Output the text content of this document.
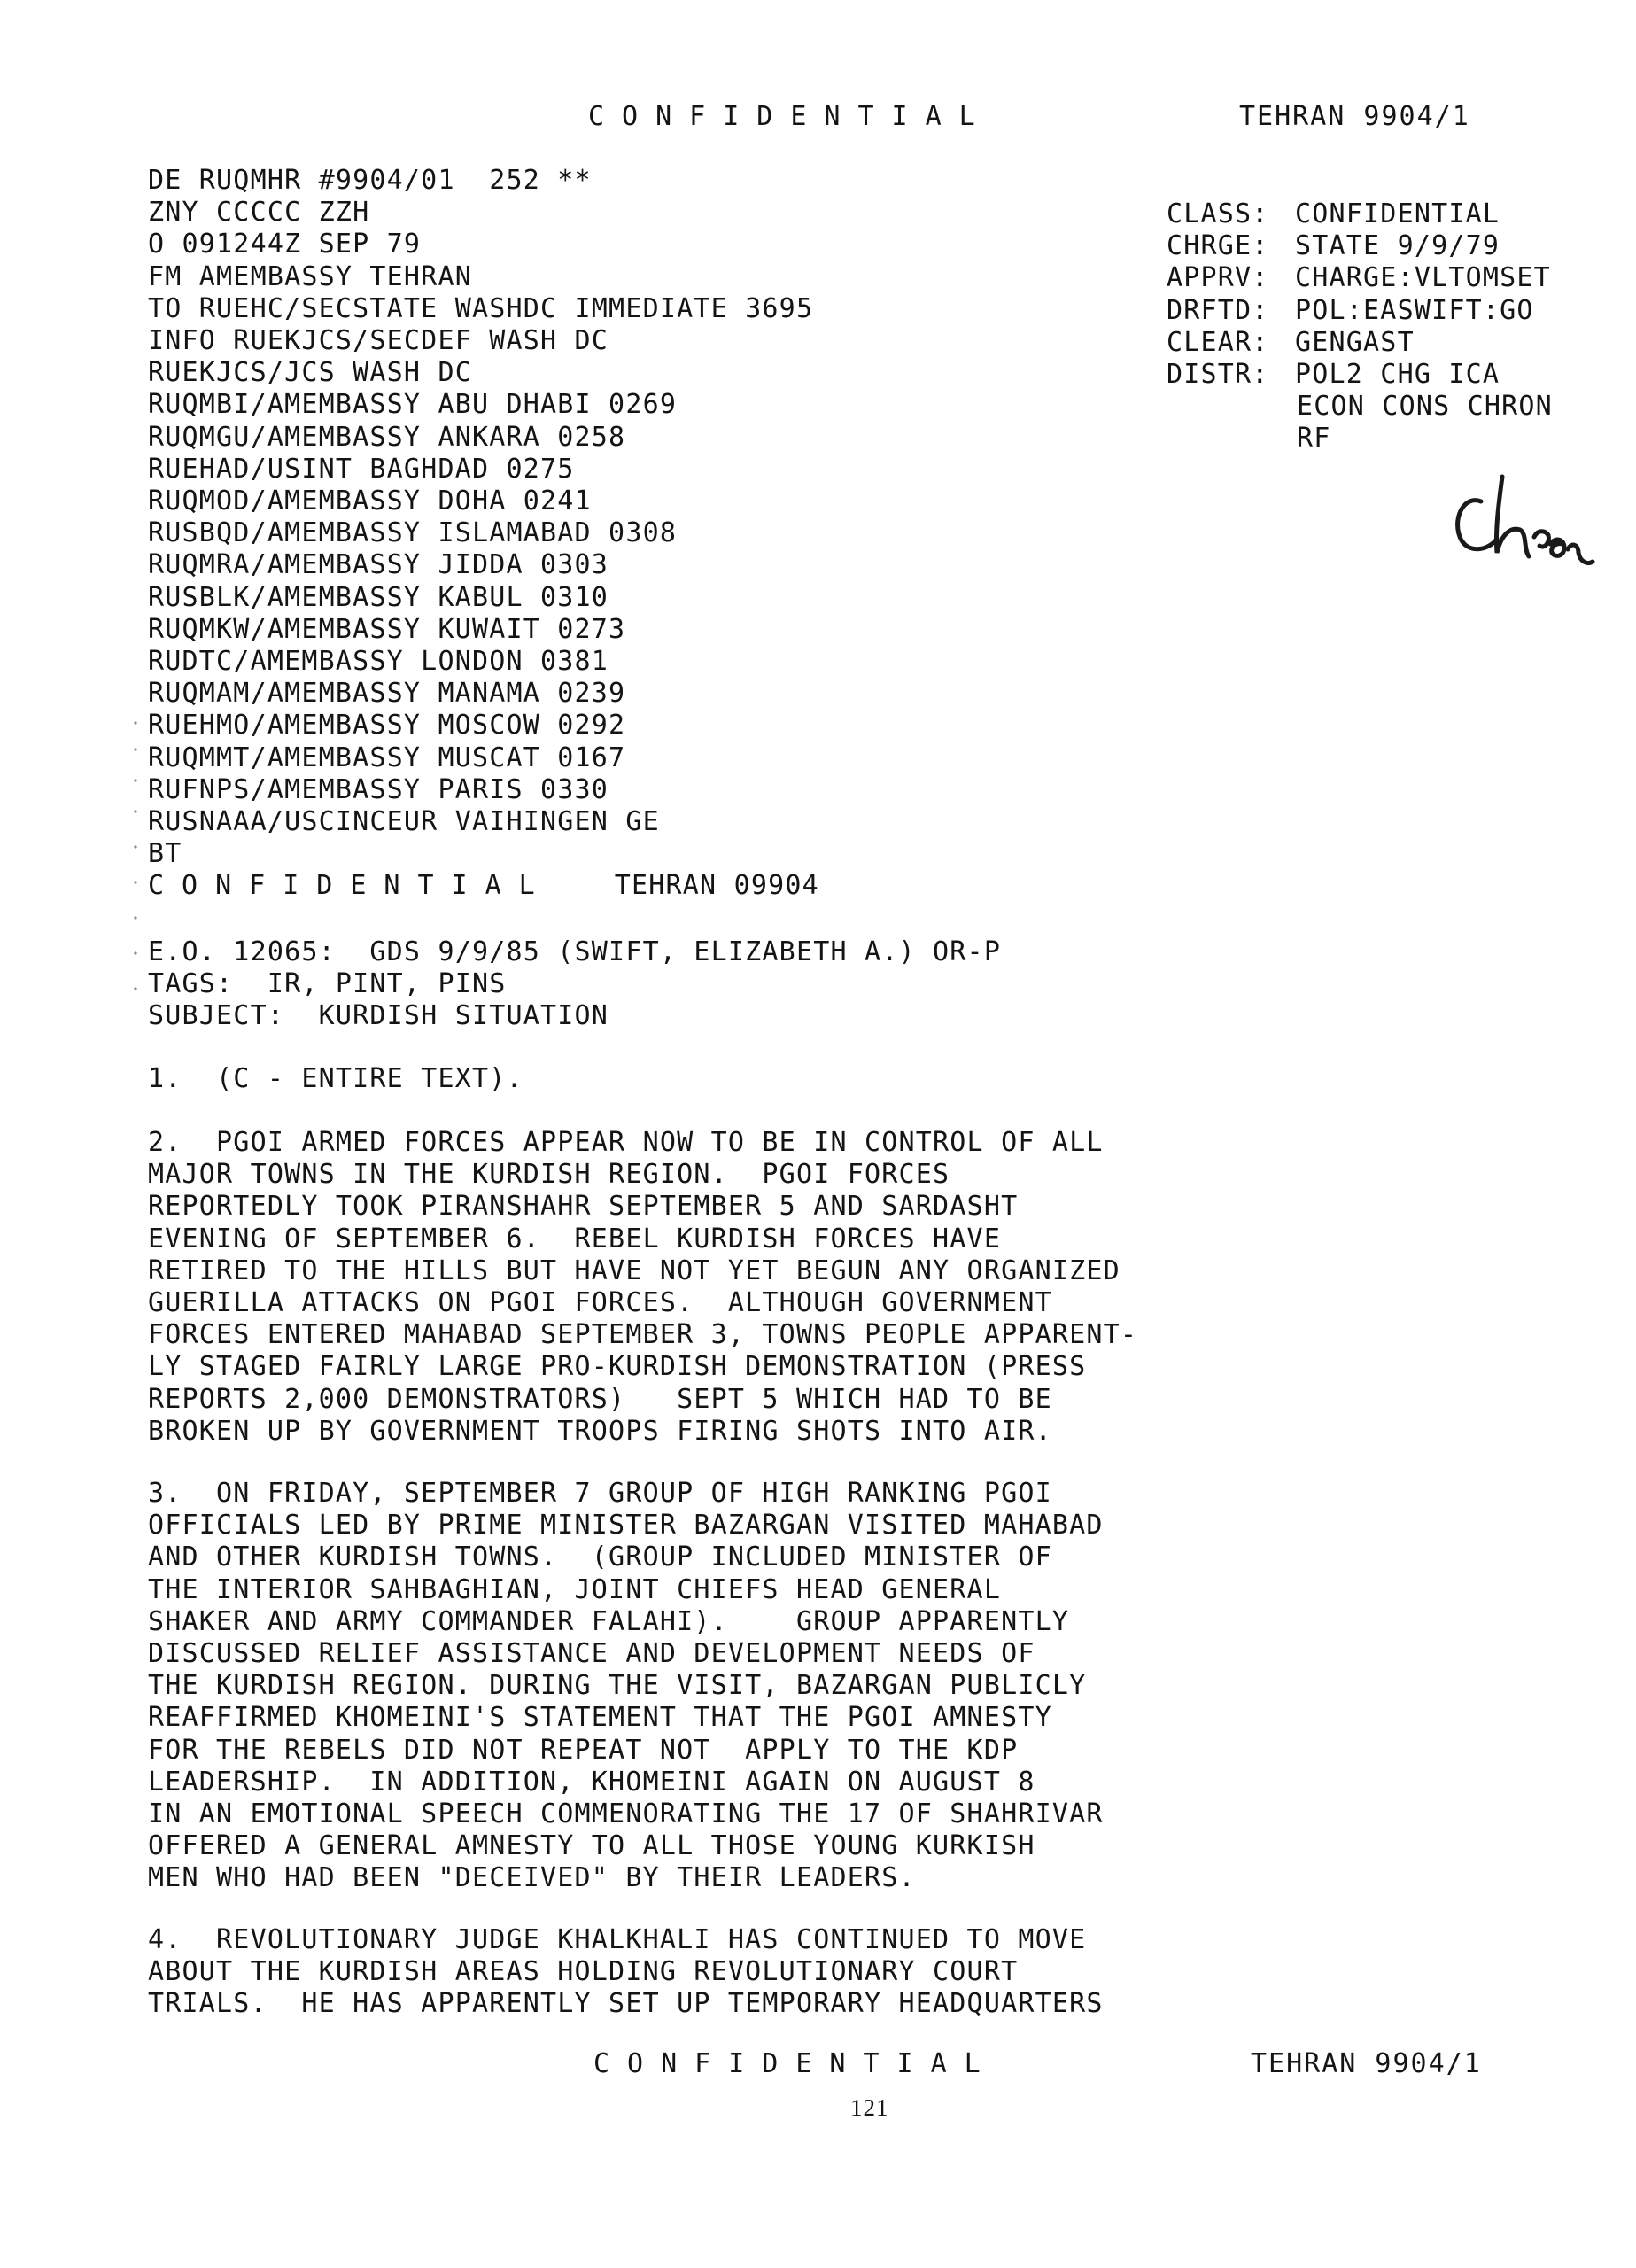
CONFIDENTIAL	TEHRAN 9904/1
DE RUQMHR #9904/01  252 **
ZNY CCCCC ZZH
O 091244Z SEP 79
FM AMEMBASSY TEHRAN
TO RUEHC/SECSTATE WASHDC IMMEDIATE 3695
INFO RUEKJCS/SECDEF WASH DC
RUEKJCS/JCS WASH DC
RUQMBI/AMEMBASSY ABU DHABI 0269
RUQMGU/AMEMBASSY ANKARA 0258
RUEHAD/USINT BAGHDAD 0275
RUQMOD/AMEMBASSY DOHA 0241
RUSBQD/AMEMBASSY ISLAMABAD 0308
RUQMRA/AMEMBASSY JIDDA 0303
RUSBLK/AMEMBASSY KABUL 0310
RUQMKW/AMEMBASSY KUWAIT 0273
RUDTC/AMEMBASSY LONDON 0381
RUQMAM/AMEMBASSY MANAMA 0239
RUEHMO/AMEMBASSY MOSCOW 0292
RUQMMT/AMEMBASSY MUSCAT 0167
RUFNPS/AMEMBASSY PARIS 0330
RUSNAAA/USCINCEUR VAIHINGEN GE
BT
CLASS: CONFIDENTIAL
CHRGE: STATE 9/9/79
APPRV: CHARGE:VLTOMSET
DRFTD: POL:EASWIFT:GO
CLEAR: GENGAST
DISTR: POL2 CHG ICA
ECON CONS CHRON
RF
CONFIDENTIAL TEHRAN 09904
E.O. 12065:  GDS 9/9/85 (SWIFT, ELIZABETH A.) OR-P
TAGS:  IR, PINT, PINS
SUBJECT:  KURDISH SITUATION
1.  (C - ENTIRE TEXT).
2.  PGOI ARMED FORCES APPEAR NOW TO BE IN CONTROL OF ALL
MAJOR TOWNS IN THE KURDISH REGION.  PGOI FORCES
REPORTEDLY TOOK PIRANSHAHR SEPTEMBER 5 AND SARDASHT
EVENING OF SEPTEMBER 6.  REBEL KURDISH FORCES HAVE
RETIRED TO THE HILLS BUT HAVE NOT YET BEGUN ANY ORGANIZED
GUERILLA ATTACKS ON PGOI FORCES.  ALTHOUGH GOVERNMENT
FORCES ENTERED MAHABAD SEPTEMBER 3, TOWNS PEOPLE APPARENT-
LY STAGED FAIRLY LARGE PRO-KURDISH DEMONSTRATION (PRESS
REPORTS 2,000 DEMONSTRATORS)   SEPT 5 WHICH HAD TO BE
BROKEN UP BY GOVERNMENT TROOPS FIRING SHOTS INTO AIR.
3.  ON FRIDAY, SEPTEMBER 7 GROUP OF HIGH RANKING PGOI
OFFICIALS LED BY PRIME MINISTER BAZARGAN VISITED MAHABAD
AND OTHER KURDISH TOWNS.  (GROUP INCLUDED MINISTER OF
THE INTERIOR SAHBAGHIAN, JOINT CHIEFS HEAD GENERAL
SHAKER AND ARMY COMMANDER FALAHI).    GROUP APPARENTLY
DISCUSSED RELIEF ASSISTANCE AND DEVELOPMENT NEEDS OF
THE KURDISH REGION. DURING THE VISIT, BAZARGAN PUBLICLY
REAFFIRMED KHOMEINI'S STATEMENT THAT THE PGOI AMNESTY
FOR THE REBELS DID NOT REPEAT NOT  APPLY TO THE KDP
LEADERSHIP.  IN ADDITION, KHOMEINI AGAIN ON AUGUST 8
IN AN EMOTIONAL SPEECH COMMENORATING THE 17 OF SHAHRIVAR
OFFERED A GENERAL AMNESTY TO ALL THOSE YOUNG KURKISH
MEN WHO HAD BEEN "DECEIVED" BY THEIR LEADERS.
4.  REVOLUTIONARY JUDGE KHALKHALI HAS CONTINUED TO MOVE
ABOUT THE KURDISH AREAS HOLDING REVOLUTIONARY COURT
TRIALS.  HE HAS APPARENTLY SET UP TEMPORARY HEADQUARTERS
CONFIDENTIAL	TEHRAN 9904/1
121
